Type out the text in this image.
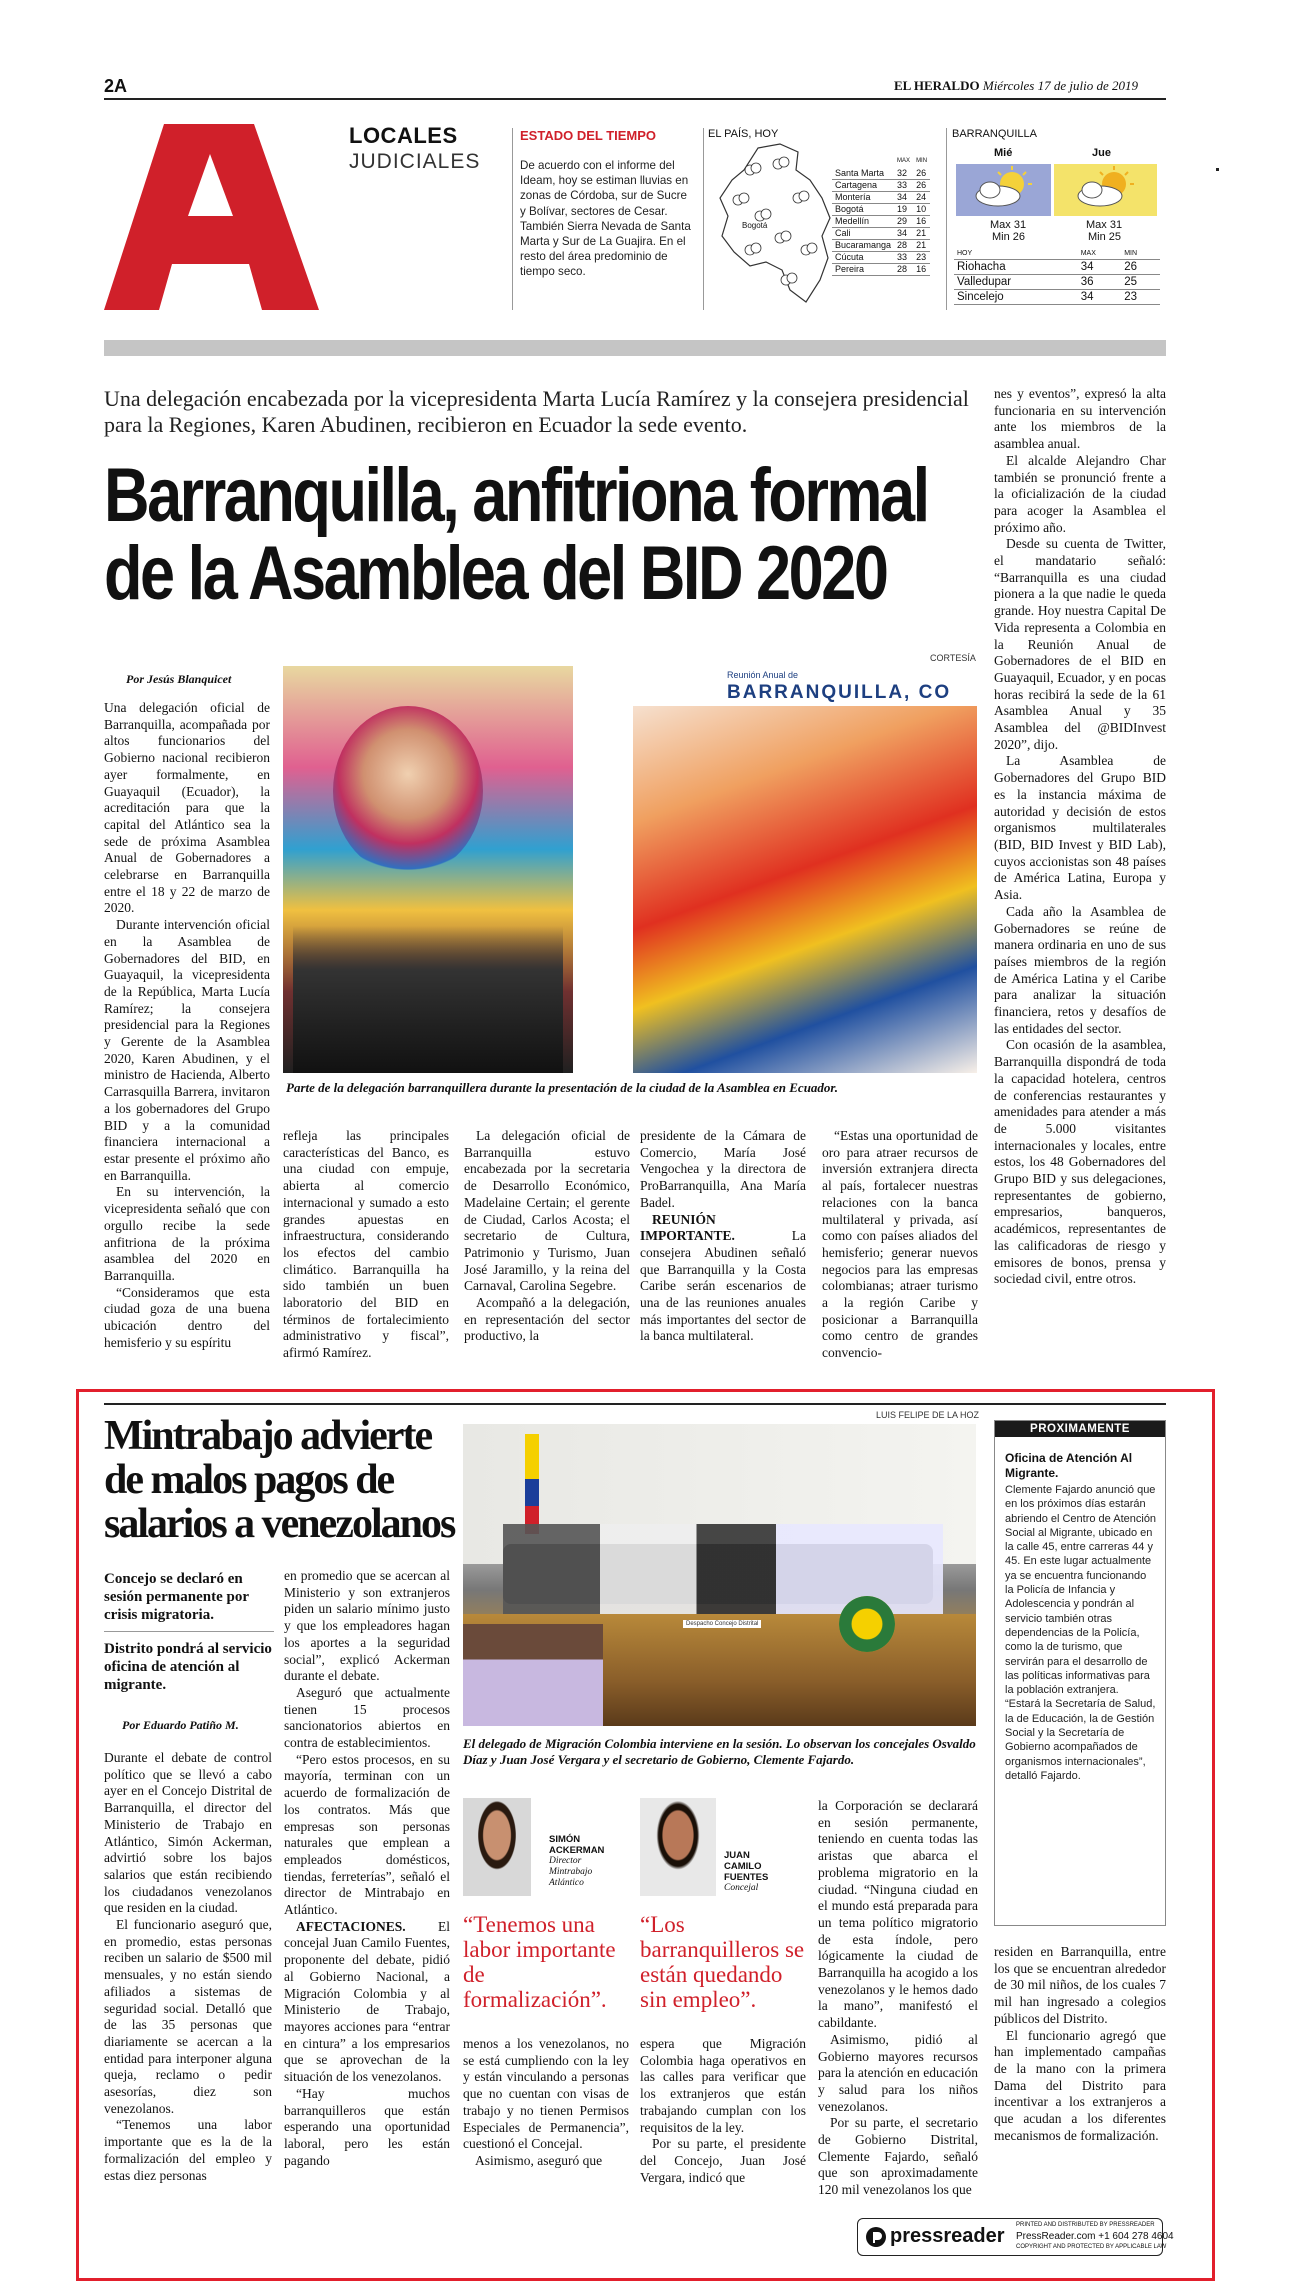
2A	EL HERALDO Miércoles 17 de julio de 2019
LOCALES
JUDICIALES
ESTADO DEL TIEMPO
De acuerdo con el informe del Ideam, hoy se estiman lluvias en zonas de Córdoba, sur de Sucre y Bolívar, sectores de Cesar. También Sierra Nevada de Santa Marta y Sur de La Guajira. En el resto del área predominio de tiempo seco.
EL PAÍS, HOY
Bogotá
	MAX	MIN
Santa Marta	32	26
Cartagena	33	26
Montería	34	24
Bogotá	19	10
Medellín	29	16
Cali	34	21
Bucaramanga	28	21
Cúcuta	33	23
Pereira	28	16
BARRANQUILLA
Mié	Jue
Max 31
Min 26
Max 31
Min 25
HOY	MAX	MIN
Riohacha	34	26
Valledupar	36	25
Sincelejo	34	23
Una delegación encabezada por la vicepresidenta Marta Lucía Ramírez y la consejera presidencial para la Regiones, Karen Abudinen, recibieron en Ecuador la sede evento.
Barranquilla, anfitriona formal
de la Asamblea del BID 2020
Por Jesús Blanquicet
CORTESÍA
Reunión Anual de
BARRANQUILLA, CO
Parte de la delegación barranquillera durante la presentación de la ciudad de la Asamblea en Ecuador.

Una delegación oficial de Barranquilla, acompañada por altos funcionarios del Gobierno nacional recibieron ayer formalmente, en Guayaquil (Ecuador), la acreditación para que la capital del Atlántico sea la sede de próxima Asamblea Anual de Gobernadores a celebrarse en Barranquilla entre el 18 y 22 de marzo de 2020.

Durante intervención oficial en la Asamblea de Gobernadores del BID, en Guayaquil, la vicepresidenta de la República, Marta Lucía Ramírez; la consejera presidencial para la Regiones y Gerente de la Asamblea 2020, Karen Abudinen, y el ministro de Hacienda, Alberto Carrasquilla Barrera, invitaron a los gobernadores del Grupo BID y a la comunidad financiera internacional a estar presente el próximo año en Barranquilla.

En su intervención, la vicepresidenta señaló que con orgullo recibe la sede anfitriona de la próxima asamblea del 2020 en Barranquilla.

“Consideramos que esta ciudad goza de una buena ubicación dentro del hemisferio y su espíritu

refleja las principales características del Banco, es una ciudad con empuje, abierta al comercio internacional y sumado a esto grandes apuestas en infraestructura, considerando los efectos del cambio climático. Barranquilla ha sido también un buen laboratorio del BID en términos de fortalecimiento administrativo y fiscal”, afirmó Ramírez.

La delegación oficial de Barranquilla estuvo encabezada por la secretaria de Desarrollo Económico, Madelaine Certain; el gerente de Ciudad, Carlos Acosta; el secretario de Cultura, Patrimonio y Turismo, Juan José Jaramillo, y la reina del Carnaval, Carolina Segebre.

Acompañó a la delegación, en representación del sector productivo, la

presidente de la Cámara de Comercio, María José Vengochea y la directora de ProBarranquilla, Ana María Badel.

REUNIÓN IMPORTANTE.	La consejera Abudinen señaló que Barranquilla y la Costa Caribe serán escenarios de una de las reuniones anuales más importantes del sector de la banca multilateral.

“Estas una oportunidad de oro para atraer recursos de inversión extranjera directa al país, fortalecer nuestras relaciones con la banca multilateral y privada, así como con países aliados del hemisferio; generar nuevos negocios para las empresas colombianas; atraer turismo a la región Caribe y posicionar a Barranquilla como centro de grandes convencio-

nes y eventos”, expresó la alta funcionaria en su intervención ante los miembros de la asamblea anual.

El alcalde Alejandro Char también se pronunció frente a la oficialización de la ciudad para acoger la Asamblea el próximo año.

Desde su cuenta de Twitter, el mandatario señaló: “Barranquilla es una ciudad pionera a la que nadie le queda grande. Hoy nuestra Capital De Vida representa a Colombia en la Reunión Anual de Gobernadores de el BID en Guayaquil, Ecuador, y en pocas horas recibirá la sede de la 61 Asamblea Anual y 35 Asamblea del @BIDInvest 2020”, dijo.

La Asamblea de Gobernadores del Grupo BID es la instancia máxima de autoridad y decisión de estos organismos multilaterales (BID, BID Invest y BID Lab), cuyos accionistas son 48 países de América Latina, Europa y Asia.

Cada año la Asamblea de Gobernadores se reúne de manera ordinaria en uno de sus países miembros de la región de América Latina y el Caribe para analizar la situación financiera, retos y desafíos de las entidades del sector.

Con ocasión de la asamblea, Barranquilla dispondrá de toda la capacidad hotelera, centros de conferencias restaurantes y amenidades para atender a más de 5.000 visitantes internacionales y locales, entre estos, los 48 Gobernadores del Grupo BID y sus delegaciones, representantes de gobierno, empresarios, banqueros, académicos, representantes de las calificadoras de riesgo y emisores de bonos, prensa y sociedad civil, entre otros.

Mintrabajo advierte
de malos pagos de
salarios a venezolanos
Concejo se declaró en sesión permanente por crisis migratoria.
Distrito pondrá al servicio oficina de atención al migrante.
Por Eduardo Patiño M.
LUIS FELIPE DE LA HOZ
Despacho Concejo Distrital
El delegado de Migración Colombia interviene en la sesión. Lo observan los concejales Osvaldo Díaz y Juan José Vergara y el secretario de Gobierno, Clemente Fajardo.

Durante el debate de control político que se llevó a cabo ayer en el Concejo Distrital de Barranquilla, el director del Ministerio de Trabajo en Atlántico, Simón Ackerman, advirtió sobre los bajos salarios que están recibiendo los ciudadanos venezolanos que residen en la ciudad.

El funcionario aseguró que, en promedio, estas personas reciben un salario de $500 mil mensuales, y no están siendo afiliados a sistemas de seguridad social. Detalló que de las 35 personas que diariamente se acercan a la entidad para interponer alguna queja, reclamo o pedir asesorías, diez son venezolanos.

“Tenemos una labor importante que es la de la formalización del empleo y estas diez personas

en promedio que se acercan al Ministerio y son extranjeros piden un salario mínimo justo y que los empleadores hagan los aportes a la seguridad social”, explicó Ackerman durante el debate.

Aseguró que actualmente tienen 15 procesos sancionatorios abiertos en contra de establecimientos.

“Pero estos procesos, en su mayoría, terminan con un acuerdo de formalización de los contratos. Más que empresas son personas naturales que emplean a empleados domésticos, tiendas, ferreterías”, señaló el director de Mintrabajo en Atlántico.

AFECTACIONES. El concejal Juan Camilo Fuentes, proponente del debate, pidió al Gobierno Nacional, a Migración Colombia y al Ministerio de Trabajo, mayores acciones para “entrar en cintura” a los empresarios que se aprovechan de la situación de los venezolanos.

“Hay muchos barranquilleros que están esperando una oportunidad laboral, pero les están pagando

SIMÓN
ACKERMAN
Director
Mintrabajo
Atlántico
“Tenemos una labor importante de formalización”.
JUAN
CAMILO
FUENTES
Concejal
“Los barranquilleros se están quedando sin empleo”.

menos a los venezolanos, no se está cumpliendo con la ley y están vinculando a personas que no cuentan con visas de trabajo y no tienen Permisos Especiales de Permanencia”, cuestionó el Concejal.

Asimismo, aseguró que

espera que Migración Colombia haga operativos en las calles para verificar que los extranjeros que están trabajando cumplan con los requisitos de la ley.

Por su parte, el presidente del Concejo, Juan José Vergara, indicó que

la Corporación se declarará en sesión permanente, teniendo en cuenta todas las aristas que abarca el problema migratorio en la ciudad. “Ninguna ciudad en el mundo está preparada para un tema político migratorio de esta índole, pero lógicamente la ciudad de Barranquilla ha acogido a los venezolanos y le hemos dado la mano”, manifestó el cabildante.

Asimismo, pidió al Gobierno mayores recursos para la atención en educación y salud para los niños venezolanos.

Por su parte, el secretario de Gobierno Distrital, Clemente Fajardo, señaló que son aproximadamente 120 mil venezolanos los que

PROXIMAMENTE
Oficina de Atención Al Migrante.
Clemente Fajardo anunció que en los próximos días estarán abriendo el Centro de Atención Social al Migrante, ubicado en la calle 45, entre carreras 44 y 45. En este lugar actualmente ya se encuentra funcionando la Policía de Infancia y Adolescencia y pondrán al servicio también otras dependencias de la Policía, como la de turismo, que servirán para el desarrollo de las políticas informativas para la población extranjera. “Estará la Secretaría de Salud, la de Educación, la de Gestión Social y la Secretaría de Gobierno acompañados de organismos internacionales”, detalló Fajardo.

residen en Barranquilla, entre los que se encuentran alrededor de 30 mil niños, de los cuales 7 mil han ingresado a colegios públicos del Distrito.

El funcionario agregó que han implementado campañas de la mano con la primera Dama del Distrito para incentivar a los extranjeros a que acudan a los diferentes mecanismos de formalización.

pressreader PRINTED AND DISTRIBUTED BY PRESSREADER
PressReader.com +1 604 278 4604
COPYRIGHT AND PROTECTED BY APPLICABLE LAW
